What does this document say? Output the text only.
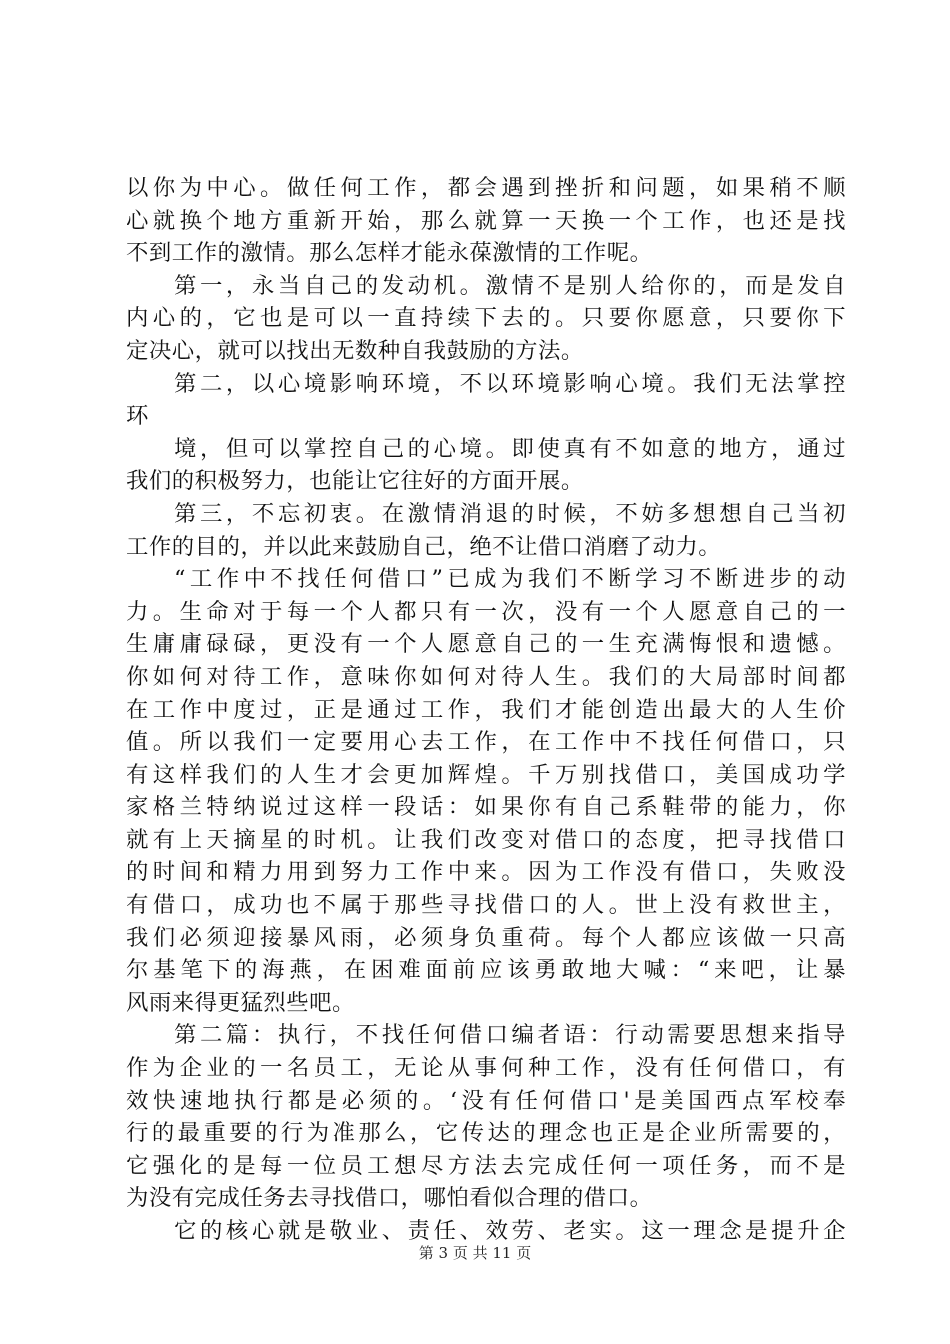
以你为中心。做任何工作，都会遇到挫折和问题，如果稍不顺
心就换个地方重新开始，那么就算一天换一个工作，也还是找
不到工作的激情。那么怎样才能永葆激情的工作呢。
第一，永当自己的发动机。激情不是别人给你的，而是发自
内心的，它也是可以一直持续下去的。只要你愿意，只要你下
定决心，就可以找出无数种自我鼓励的方法。
第二，以心境影响环境，不以环境影响心境。我们无法掌控
环
境，但可以掌控自己的心境。即使真有不如意的地方，通过
我们的积极努力，也能让它往好的方面开展。
第三，不忘初衷。在激情消退的时候，不妨多想想自己当初
工作的目的，并以此来鼓励自己，绝不让借口消磨了动力。
“工作中不找任何借口”已成为我们不断学习不断进步的动
力。生命对于每一个人都只有一次，没有一个人愿意自己的一
生庸庸碌碌，更没有一个人愿意自己的一生充满悔恨和遗憾。
你如何对待工作，意味你如何对待人生。我们的大局部时间都
在工作中度过，正是通过工作，我们才能创造出最大的人生价
值。所以我们一定要用心去工作，在工作中不找任何借口，只
有这样我们的人生才会更加辉煌。千万别找借口，美国成功学
家格兰特纳说过这样一段话：如果你有自己系鞋带的能力，你
就有上天摘星的时机。让我们改变对借口的态度，把寻找借口
的时间和精力用到努力工作中来。因为工作没有借口，失败没
有借口，成功也不属于那些寻找借口的人。世上没有救世主，
我们必须迎接暴风雨，必须身负重荷。每个人都应该做一只高
尔基笔下的海燕，在困难面前应该勇敢地大喊：“来吧，让暴
风雨来得更猛烈些吧。
第二篇：执行，不找任何借口编者语：行动需要思想来指导
作为企业的一名员工，无论从事何种工作，没有任何借口，有
效快速地执行都是必须的。‘没有任何借口'是美国西点军校奉
行的最重要的行为准那么，它传达的理念也正是企业所需要的，
它强化的是每一位员工想尽方法去完成任何一项任务，而不是
为没有完成任务去寻找借口，哪怕看似合理的借口。
它的核心就是敬业、责任、效劳、老实。这一理念是提升企
第 3 页 共 11 页
